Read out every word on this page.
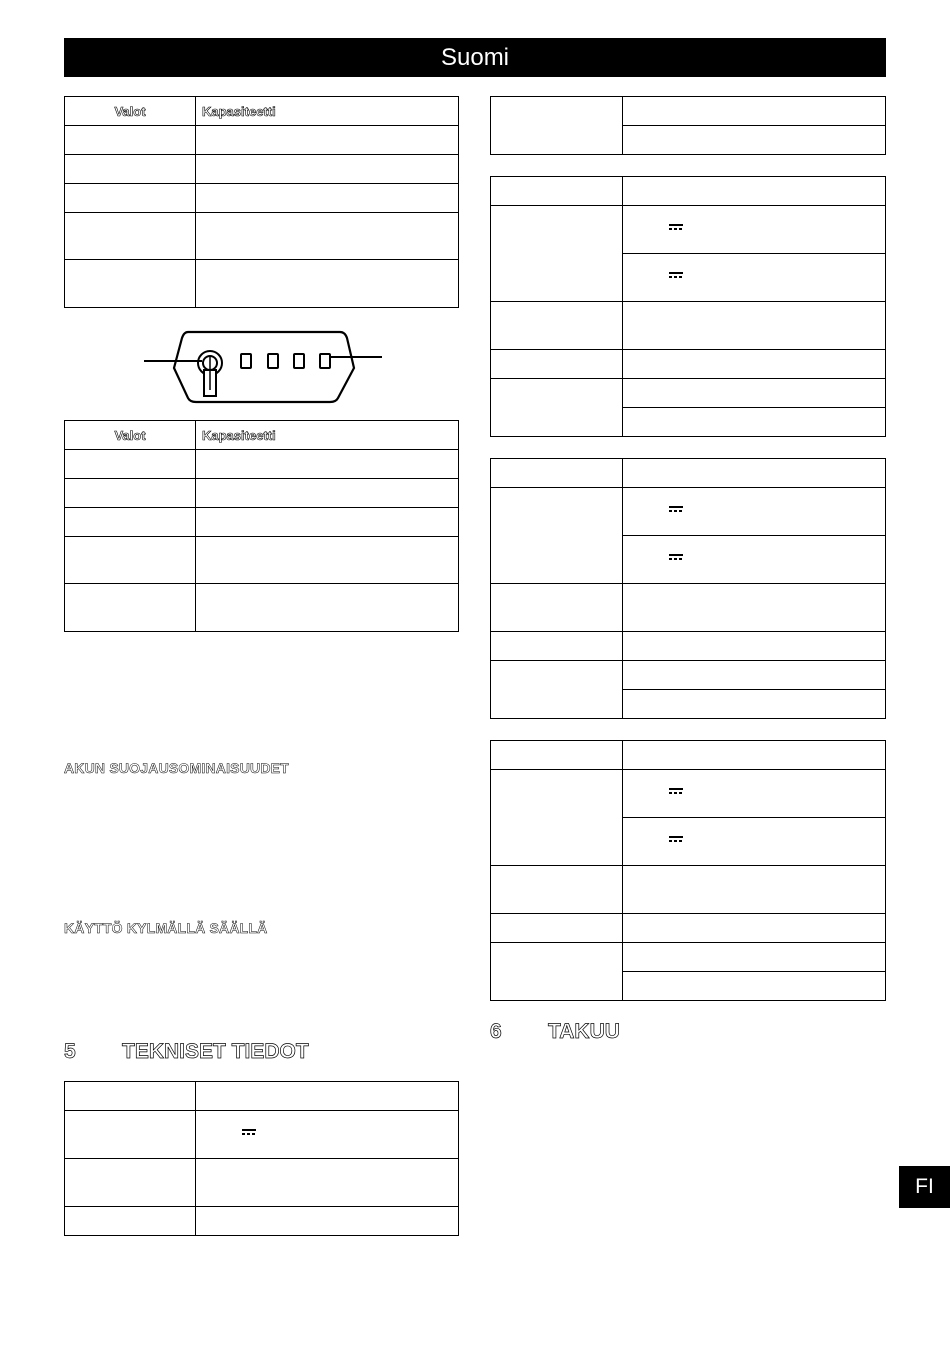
Suomi
Valot	Kapasiteetti

Valot	Kapasiteetti

AKUN SUOJAUSOMINAISUUDET
KÄYTTÖ KYLMÄLLÄ SÄÄLLÄ
5	TEKNISET TIEDOT

6	TAKUU
FI
